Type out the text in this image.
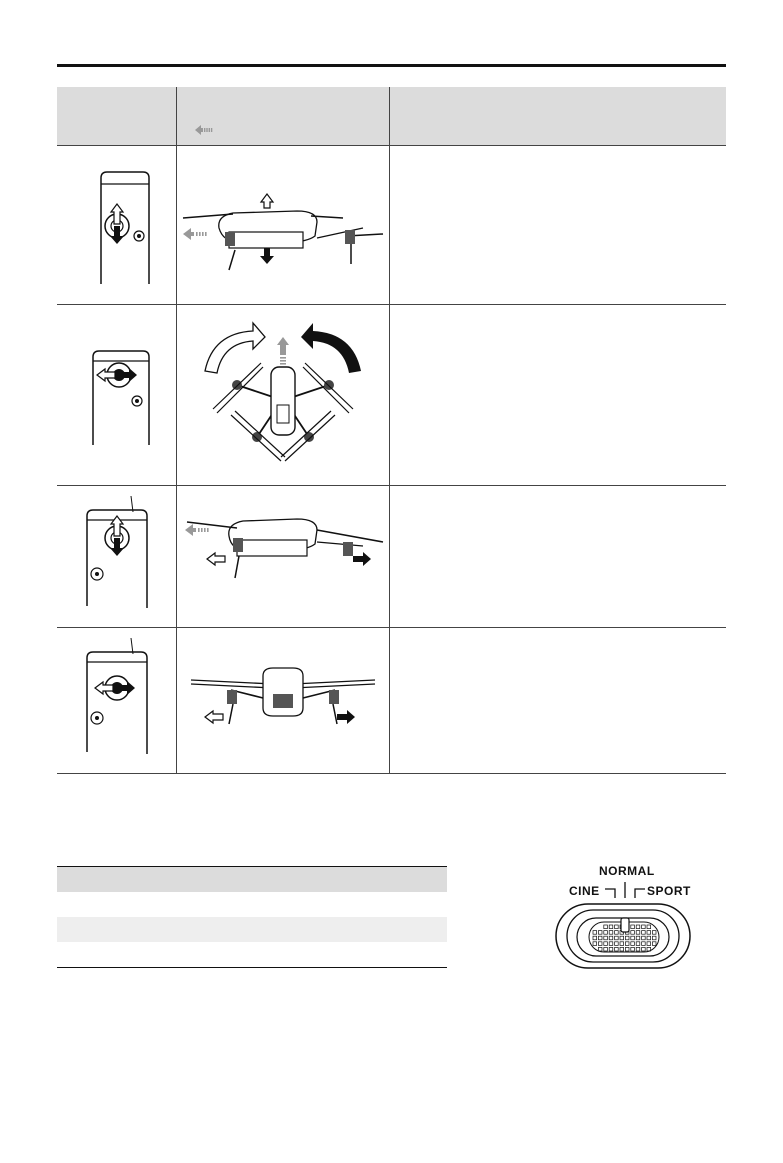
NORMAL
CINE	SPORT
